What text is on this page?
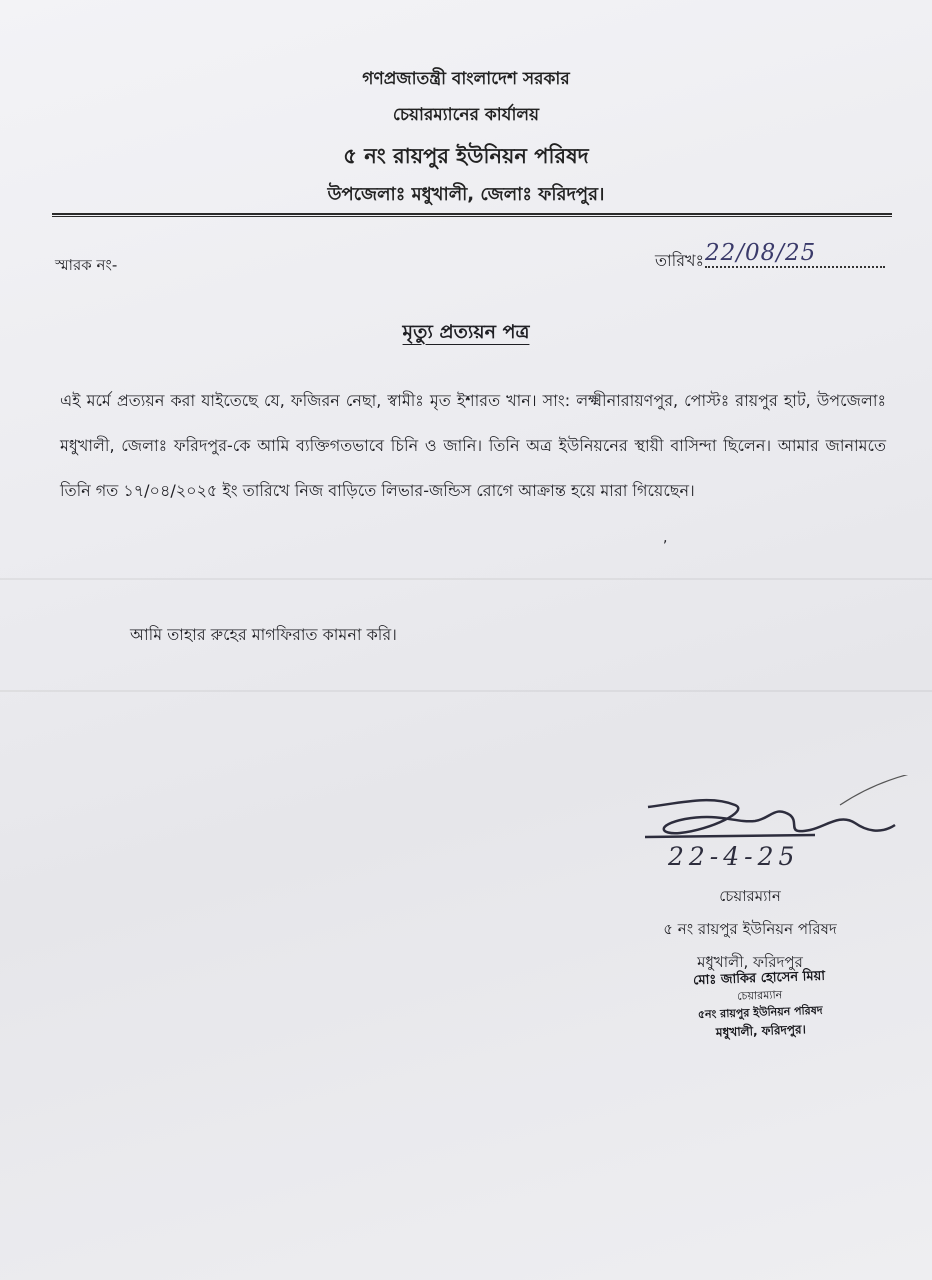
গণপ্রজাতন্ত্রী বাংলাদেশ সরকার
চেয়ারম্যানের কার্যালয়
৫ নং রায়পুর ইউনিয়ন পরিষদ
উপজেলাঃ মধুখালী, জেলাঃ ফরিদপুর।
স্মারক নং-	তারিখঃ 22/08/25
মৃত্যু প্রত্যয়ন পত্র
এই মর্মে প্রত্যয়ন করা যাইতেছে যে, ফজিরন নেছা, স্বামীঃ মৃত ইশারত খান। সাং: লক্ষ্মীনারায়ণপুর, পোস্টঃ রায়পুর হাট, উপজেলাঃ মধুখালী, জেলাঃ ফরিদপুর-কে আমি ব্যক্তিগতভাবে চিনি ও জানি। তিনি অত্র ইউনিয়নের স্থায়ী বাসিন্দা ছিলেন। আমার জানামতে তিনি গত ১৭/০৪/২০২৫ ইং তারিখে নিজ বাড়িতে লিভার-জন্ডিস রোগে আক্রান্ত হয়ে মারা গিয়েছেন।
,
আমি তাহার রুহের মাগফিরাত কামনা করি।
22-4-25
চেয়ারম্যান
৫ নং রায়পুর ইউনিয়ন পরিষদ
মধুখালী, ফরিদপুর
মোঃ জাকির হোসেন মিয়া
চেয়ারম্যান
৫নং রায়পুর ইউনিয়ন পরিষদ
মধুখালী, ফরিদপুর।
